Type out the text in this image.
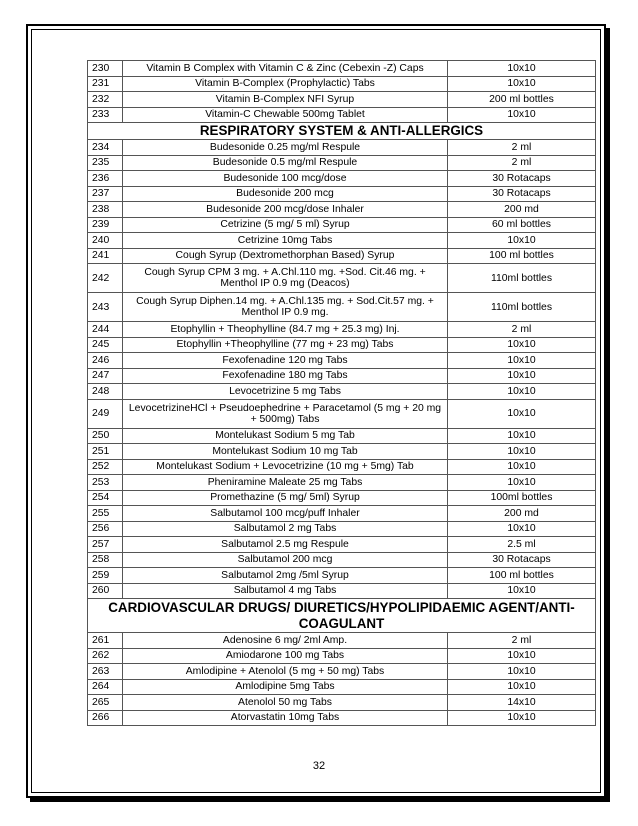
230	Vitamin B Complex with Vitamin C & Zinc (Cebexin -Z) Caps	10x10
231	Vitamin B-Complex (Prophylactic) Tabs	10x10
232	Vitamin B-Complex NFI Syrup	200 ml bottles
233	Vitamin-C Chewable 500mg Tablet	10x10
RESPIRATORY SYSTEM & ANTI-ALLERGICS		
234	Budesonide 0.25 mg/ml Respule	2 ml
235	Budesonide 0.5 mg/ml Respule	2 ml
236	Budesonide 100 mcg/dose	30 Rotacaps
237	Budesonide 200 mcg	30 Rotacaps
238	Budesonide 200 mcg/dose Inhaler	200 md
239	Cetrizine (5 mg/ 5 ml) Syrup	60 ml bottles
240	Cetrizine 10mg Tabs	10x10
241	Cough Syrup (Dextromethorphan Based) Syrup	100 ml bottles
242	Cough Syrup CPM 3 mg. + A.Chl.110 mg. +Sod. Cit.46 mg. + Menthol IP 0.9 mg (Deacos)	110ml bottles
243	Cough Syrup Diphen.14 mg. + A.Chl.135 mg. + Sod.Cit.57 mg. + Menthol IP 0.9 mg.	110ml bottles
244	Etophyllin + Theophylline (84.7 mg + 25.3 mg) Inj.	2 ml
245	Etophyllin +Theophylline (77 mg + 23 mg) Tabs	10x10
246	Fexofenadine 120 mg Tabs	10x10
247	Fexofenadine 180 mg Tabs	10x10
248	Levocetrizine 5 mg Tabs	10x10
249	LevocetrizineHCl + Pseudoephedrine + Paracetamol (5 mg + 20 mg + 500mg) Tabs	10x10
250	Montelukast Sodium 5 mg Tab	10x10
251	Montelukast Sodium 10 mg Tab	10x10
252	Montelukast Sodium + Levocetrizine (10 mg + 5mg) Tab	10x10
253	Pheniramine Maleate 25 mg Tabs	10x10
254	Promethazine (5 mg/ 5ml) Syrup	100ml bottles
255	Salbutamol 100 mcg/puff Inhaler	200 md
256	Salbutamol 2 mg Tabs	10x10
257	Salbutamol 2.5 mg Respule	2.5 ml
258	Salbutamol 200 mcg	30 Rotacaps
259	Salbutamol 2mg /5ml Syrup	100 ml bottles
260	Salbutamol 4 mg Tabs	10x10
CARDIOVASCULAR DRUGS/ DIURETICS/HYPOLIPIDAEMIC AGENT/ANTI-COAGULANT		
261	Adenosine 6 mg/ 2ml Amp.	2 ml
262	Amiodarone 100 mg Tabs	10x10
263	Amlodipine + Atenolol (5 mg + 50 mg) Tabs	10x10
264	Amlodipine 5mg Tabs	10x10
265	Atenolol 50 mg Tabs	14x10
266	Atorvastatin 10mg Tabs	10x10
32
